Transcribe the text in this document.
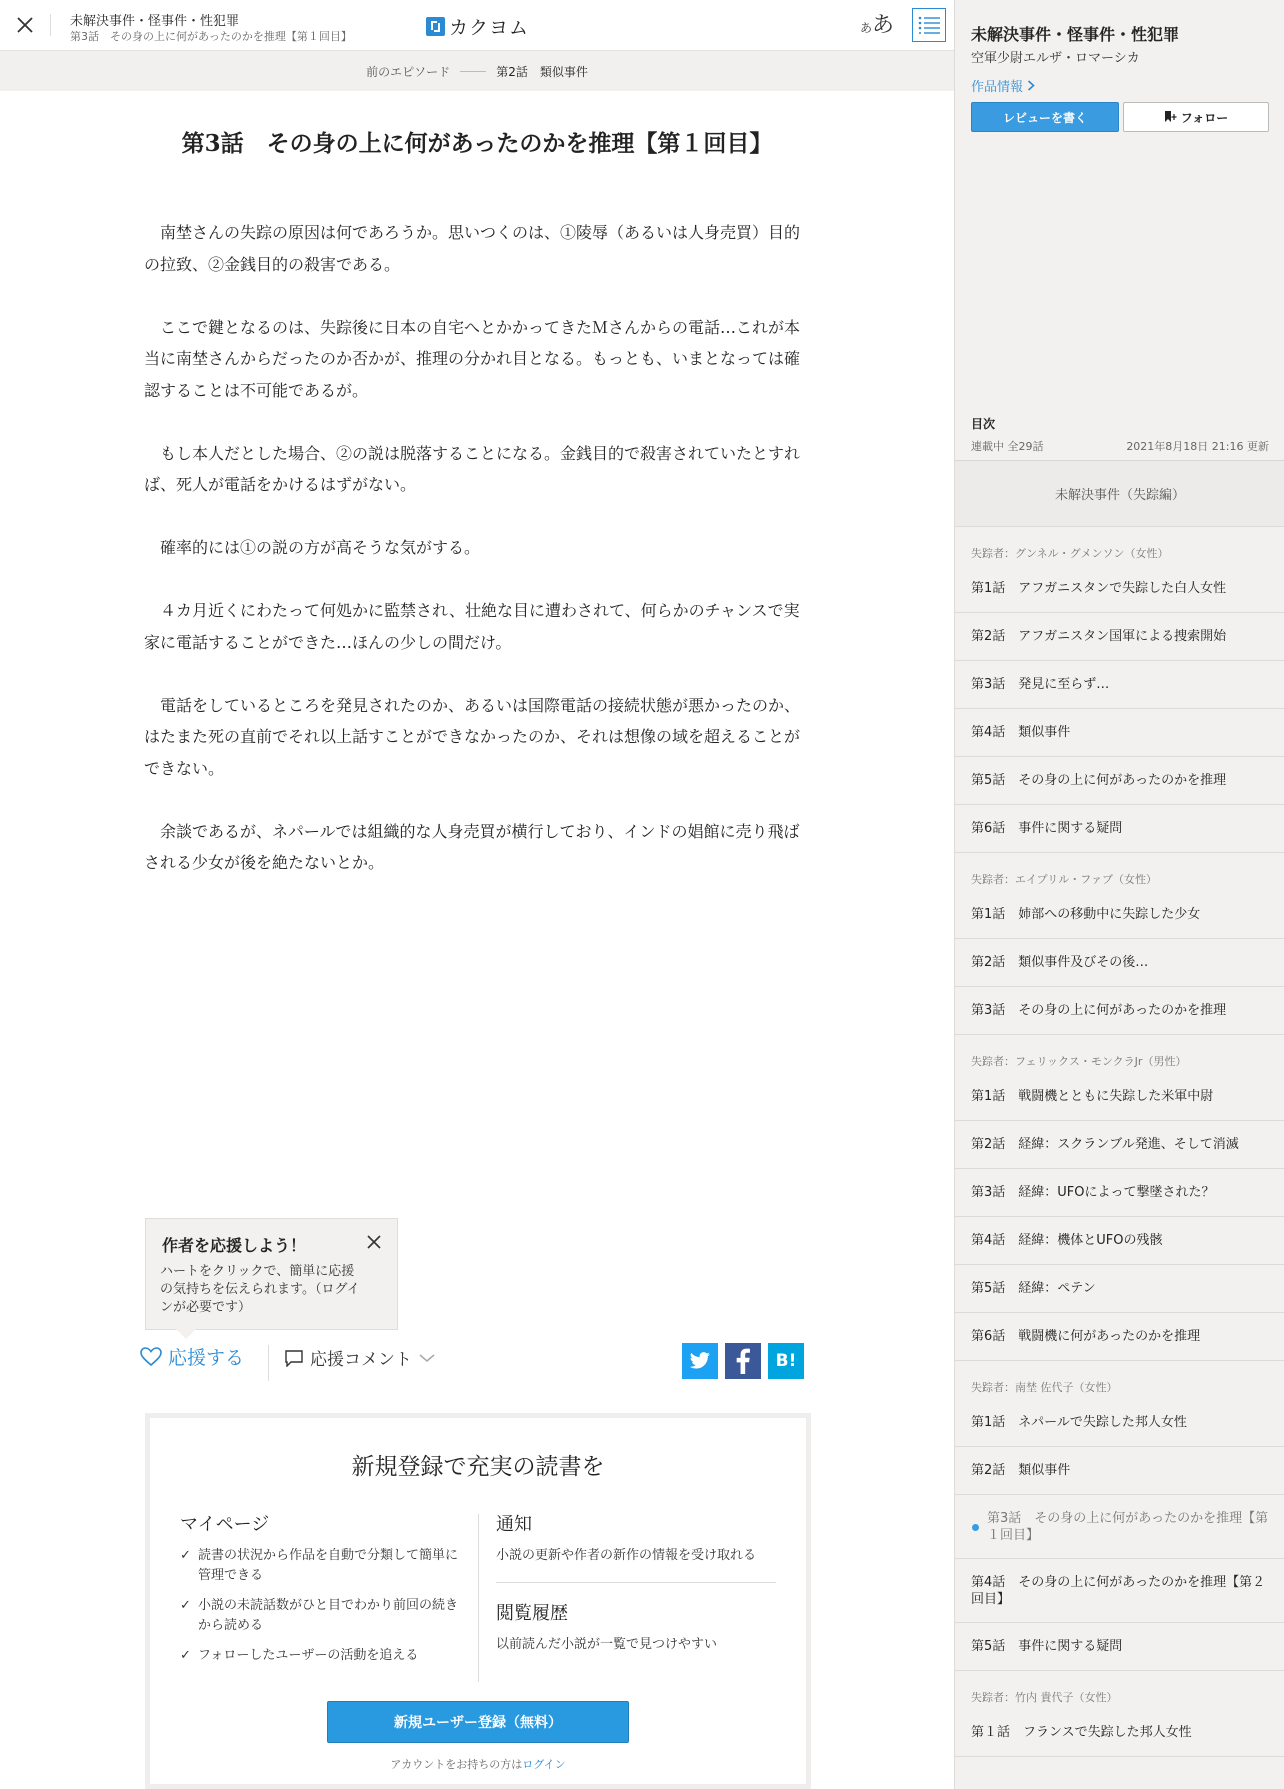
未解決事件・怪事件・性犯罪
第3話　その身の上に何があったのかを推理【第１回目】	カクヨム	ああ
前のエピソード	第2話　類似事件
第3話　その身の上に何があったのかを推理【第１回目】

　南埜さんの失踪の原因は何であろうか。思いつくのは、①陵辱（あるいは人身売買）目的の拉致、②金銭目的の殺害である。

　ここで鍵となるのは、失踪後に日本の自宅へとかかってきたＭさんからの電話…これが本当に南埜さんからだったのか否かが、推理の分かれ目となる。もっとも、いまとなっては確認することは不可能であるが。

　もし本人だとした場合、②の説は脱落することになる。金銭目的で殺害されていたとすれば、死人が電話をかけるはずがない。

　確率的には①の説の方が高そうな気がする。

　４カ月近くにわたって何処かに監禁され、壮絶な目に遭わされて、何らかのチャンスで実家に電話することができた…ほんの少しの間だけ。

　電話をしているところを発見されたのか、あるいは国際電話の接続状態が悪かったのか、はたまた死の直前でそれ以上話すことができなかったのか、それは想像の域を超えることができない。

　余談であるが、ネパールでは組織的な人身売買が横行しており、インドの娼館に売り飛ばされる少女が後を絶たないとか。

作者を応援しよう！
ハートをクリックで、簡単に応援の気持ちを伝えられます。（ログインが必要です）
応援する	応援コメント	B!
新規登録で充実の読書を
マイページ
✓ 読書の状況から作品を自動で分類して簡単に管理できる
✓ 小説の未読話数がひと目でわかり前回の続きから読める
✓ フォローしたユーザーの活動を追える
通知
小説の更新や作者の新作の情報を受け取れる
閲覧履歴
以前読んだ小説が一覧で見つけやすい
新規ユーザー登録（無料）
アカウントをお持ちの方はログイン
未解決事件・怪事件・性犯罪
空軍少尉エルザ・ロマーシカ
作品情報
レビューを書く	フォロー
目次
連載中 全29話	2021年8月18日 21:16 更新
未解決事件（失踪編）
失踪者：グンネル・グメンソン（女性）
第1話　アフガニスタンで失踪した白人女性
第2話　アフガニスタン国軍による捜索開始
第3話　発見に至らず…
第4話　類似事件
第5話　その身の上に何があったのかを推理
第6話　事件に関する疑問
失踪者：エイプリル・ファブ（女性）
第1話　姉部への移動中に失踪した少女
第2話　類似事件及びその後…
第3話　その身の上に何があったのかを推理
失踪者：フェリックス・モンクラJr（男性）
第1話　戦闘機とともに失踪した米軍中尉
第2話　経緯：スクランブル発進、そして消滅
第3話　経緯：UFOによって撃墜された？
第4話　経緯：機体とUFOの残骸
第5話　経緯：ペテン
第6話　戦闘機に何があったのかを推理
失踪者：南埜 佐代子（女性）
第1話　ネパールで失踪した邦人女性
第2話　類似事件
第3話　その身の上に何があったのかを推理【第１回目】
第4話　その身の上に何があったのかを推理【第２回目】
第5話　事件に関する疑問
失踪者：竹内 貴代子（女性）
第１話　フランスで失踪した邦人女性
